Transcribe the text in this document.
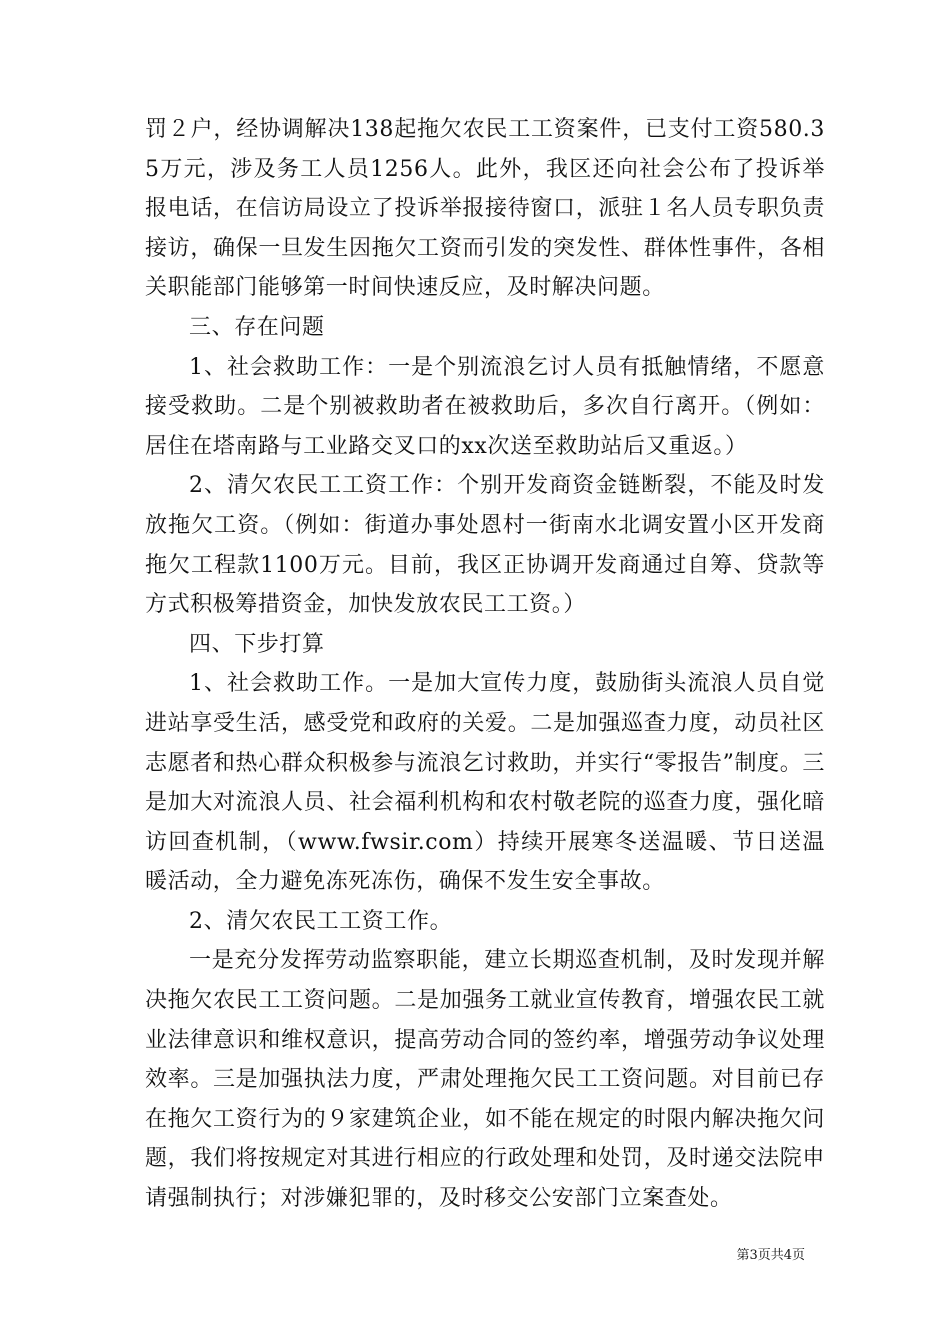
罚２户，经协调解决138起拖欠农民工工资案件，已支付工资580.35万元，涉及务工人员1256人。此外，我区还向社会公布了投诉举报电话，在信访局设立了投诉举报接待窗口，派驻１名人员专职负责接访，确保一旦发生因拖欠工资而引发的突发性、群体性事件，各相关职能部门能够第一时间快速反应，及时解决问题。

三、存在问题

1、社会救助工作：一是个别流浪乞讨人员有抵触情绪，不愿意接受救助。二是个别被救助者在被救助后，多次自行离开。（例如：居住在塔南路与工业路交叉口的xx次送至救助站后又重返。）

2、清欠农民工工资工作：个别开发商资金链断裂，不能及时发放拖欠工资。（例如：街道办事处恩村一街南水北调安置小区开发商拖欠工程款1100万元。目前，我区正协调开发商通过自筹、贷款等方式积极筹措资金，加快发放农民工工资。）

四、下步打算

1、社会救助工作。一是加大宣传力度，鼓励街头流浪人员自觉进站享受生活，感受党和政府的关爱。二是加强巡查力度，动员社区志愿者和热心群众积极参与流浪乞讨救助，并实行“零报告”制度。三是加大对流浪人员、社会福利机构和农村敬老院的巡查力度，强化暗访回查机制，（www.fwsir.com）持续开展寒冬送温暖、节日送温暖活动，全力避免冻死冻伤，确保不发生安全事故。

2、清欠农民工工资工作。

一是充分发挥劳动监察职能，建立长期巡查机制，及时发现并解决拖欠农民工工资问题。二是加强务工就业宣传教育，增强农民工就业法律意识和维权意识，提高劳动合同的签约率，增强劳动争议处理效率。三是加强执法力度，严肃处理拖欠民工工资问题。对目前已存在拖欠工资行为的９家建筑企业，如不能在规定的时限内解决拖欠问题，我们将按规定对其进行相应的行政处理和处罚，及时递交法院申请强制执行；对涉嫌犯罪的，及时移交公安部门立案查处。

第3页共4页
